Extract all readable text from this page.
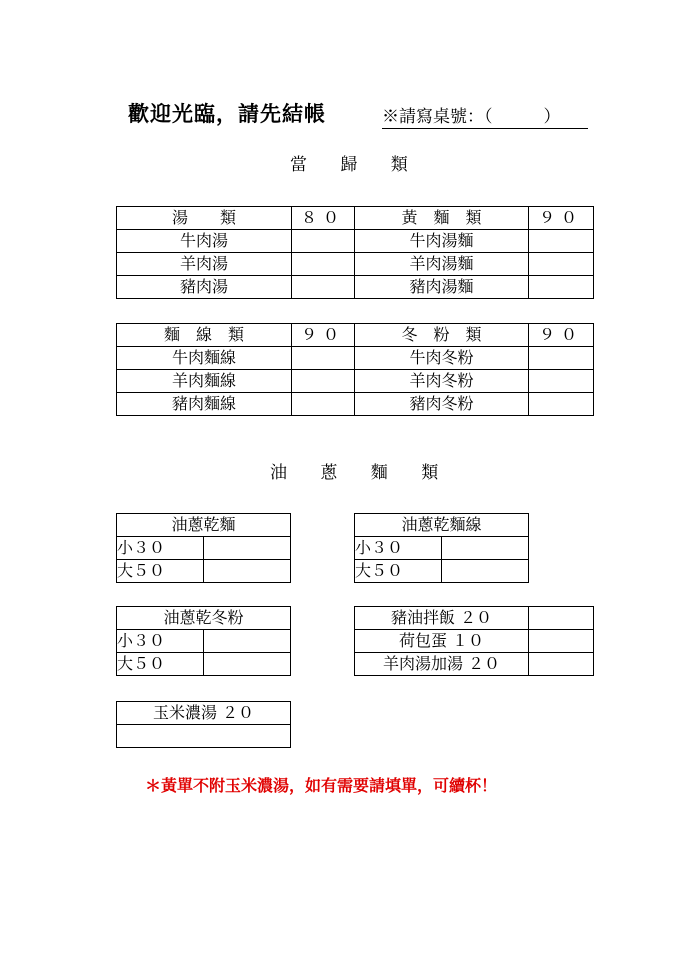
歡迎光臨，請先結帳	※請寫桌號：（　　　）
當 歸 類
湯　　類	８０	黃　麵　類	９０
牛肉湯		牛肉湯麵	
羊肉湯		羊肉湯麵	
豬肉湯		豬肉湯麵	
麵　線　類	９０	冬　粉　類	９０
牛肉麵線		牛肉冬粉	
羊肉麵線		羊肉冬粉	
豬肉麵線		豬肉冬粉	
油 蔥 麵 類
油蔥乾麵	
小３０	
大５０	
油蔥乾麵線	
小３０	
大５０	
油蔥乾冬粉	
小３０	
大５０	
豬油拌飯 ２０	
荷包蛋 １０	
羊肉湯加湯 ２０	
玉米濃湯 ２０

＊黃單不附玉米濃湯，如有需要請填單，可續杯！
